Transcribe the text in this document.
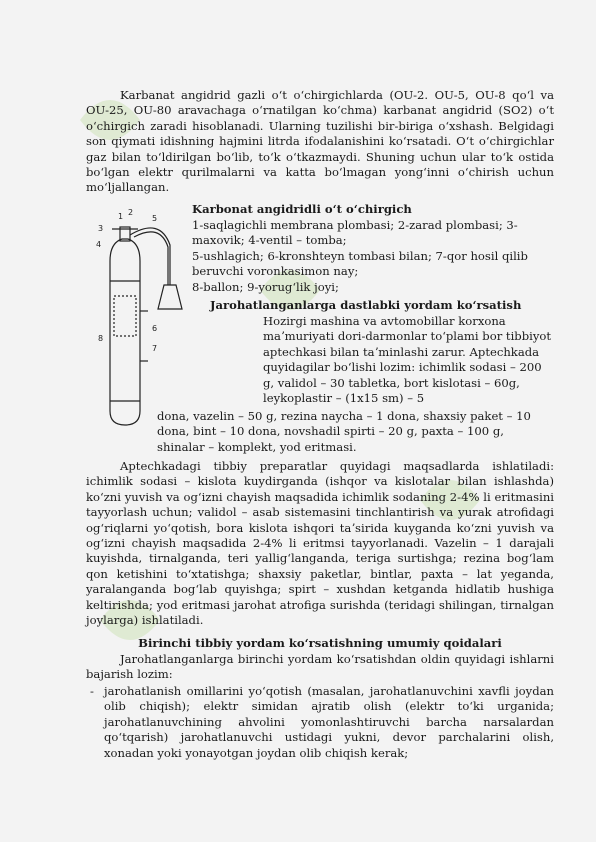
Karbanat angidrid gazli oʻt oʻchirgichlarda (OU-2. OU-5, OU-8 qoʻl va OU-25, OU-80 aravachaga oʻrnatilgan koʻchma) karbanat angidrid (SO2) oʻt oʻchirgich zaradi hisoblanadi. Ularning tuzilishi bir-biriga oʻxshash. Belgidagi son qiymati idishning hajmini litrda ifodalanishini koʻrsatadi. Oʻt oʻchirgichlar gaz bilan toʻldirilgan boʻlib, toʻk oʻtkazmaydi. Shuning uchun ular toʻk ostida boʻlgan elektr qurilmalarni va katta boʻlmagan yongʻinni oʻchirish uchun moʻljallangan.

1 2
3
4
5
6
7
8

Karbonat angidridli oʻt oʻchirgich

1-saqlagichli membrana plombasi; 2-zarad plombasi; 3-maxovik; 4-ventil – tomba;

5-ushlagich; 6-kronshteyn tombasi bilan; 7-qor hosil qilib beruvchi voronkasimon nay;

8-ballon; 9-yorugʻlik joyi;

Jarohatlanganlarga dastlabki yordam koʻrsatish

Hozirgi mashina va avtomobillar korxona maʼmuriyati dori-darmonlar toʻplami bor tibbiyot aptechkasi bilan taʼminlashi zarur. Aptechkada quyidagilar boʻlishi lozim: ichimlik sodasi – 200 g, validol – 30 tabletka, bort kislotasi – 60g, leykoplastir – (1x15 sm) – 5

dona, vazelin – 50 g, rezina naycha – 1 dona, shaxsiy paket – 10 dona, bint – 10 dona, novshadil spirti – 20 g, paxta – 100 g, shinalar – komplekt, yod eritmasi.

Aptechkadagi tibbiy preparatlar quyidagi maqsadlarda ishlatiladi: ichimlik sodasi – kislota kuydirganda (ishqor va kislotalar bilan ishlashda) koʻzni yuvish va ogʻizni chayish maqsadida ichimlik sodaning 2-4% li eritmasini tayyorlash uchun; validol – asab sistemasini tinchlantirish va yurak atrofidagi ogʻriqlarni yoʻqotish, bora kislota ishqori taʼsirida kuyganda koʻzni yuvish va ogʻizni chayish maqsadida 2-4% li eritmsi tayyorlanadi. Vazelin – 1 darajali kuyishda, tirnalganda, teri yalligʻlanganda, teriga surtishga; rezina bogʻlam qon ketishini toʻxtatishga; shaxsiy paketlar, bintlar, paxta – lat yeganda, yaralanganda bogʻlab quyishga; spirt – xushdan ketganda hidlatib hushiga keltirishda; yod eritmasi jarohat atrofiga surishda (teridagi shilingan, tirnalgan joylarga) ishlatiladi.

Birinchi tibbiy yordam koʻrsatishning umumiy qoidalari

Jarohatlanganlarga birinchi yordam koʻrsatishdan oldin quyidagi ishlarni bajarish lozim:

- jarohatlanish omillarini yoʻqotish (masalan, jarohatlanuvchini xavfli joydan olib chiqish); elektr simidan ajratib olish (elektr toʻki urganida; jarohatlanuvchining ahvolini yomonlashtiruvchi barcha narsalardan qoʻtqarish) jarohatlanuvchi ustidagi yukni, devor parchalarini olish, xonadan yoki yonayotgan joydan olib chiqish kerak;
